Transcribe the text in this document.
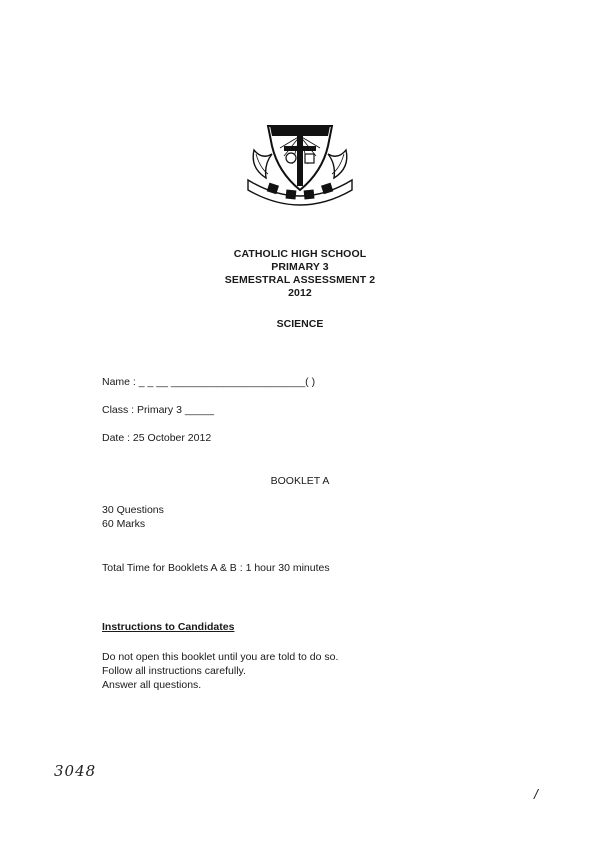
CATHOLIC HIGH SCHOOL
PRIMARY 3
SEMESTRAL ASSESSMENT 2
2012
SCIENCE
Name : _ _ __ _______________________( )
Class : Primary 3 _____
Date : 25 October 2012
BOOKLET A
30 Questions
60 Marks
Total Time for Booklets A & B : 1 hour 30 minutes
Instructions to Candidates
Do not open this booklet until you are told to do so.
Follow all instructions carefully.
Answer all questions.
3048
/
